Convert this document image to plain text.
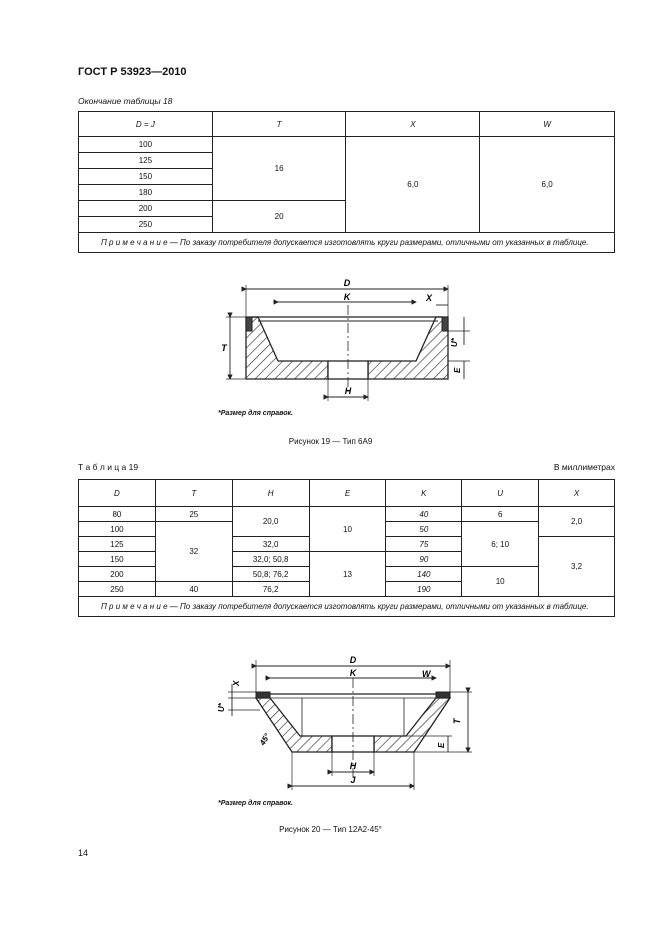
ГОСТ Р 53923—2010
Окончание таблицы 18
D = J	T	X	W
100	16	6,0	6,0
125			
150			
180			
200	20		
250			
П р и м е ч а н и е — По заказу потребителя допускается изготовлять круги размерами, отличными от указанных в таблице.			
D
K	X
T
U*
E
H
*Размер для справок.
Рисунок 19 — Тип 6А9
Т а б л и ц а 19	В миллиметрах
D	T	H	E	K	U	X
80	25	20,0	10	40	6	2,0
100	32			50	6; 10	
125		32,0		75		3,2
150		32,0; 50,8	13	90		
200		50,8; 76,2		140	10	
250	40	76,2		190		
П р и м е ч а н и е — По заказу потребителя допускается изготовлять круги размерами, отличными от указанных в таблице.						
D
K	W
X
U*
45°
T
E
H
J
*Размер для справок.
Рисунок 20 — Тип 12А2-45°
14
